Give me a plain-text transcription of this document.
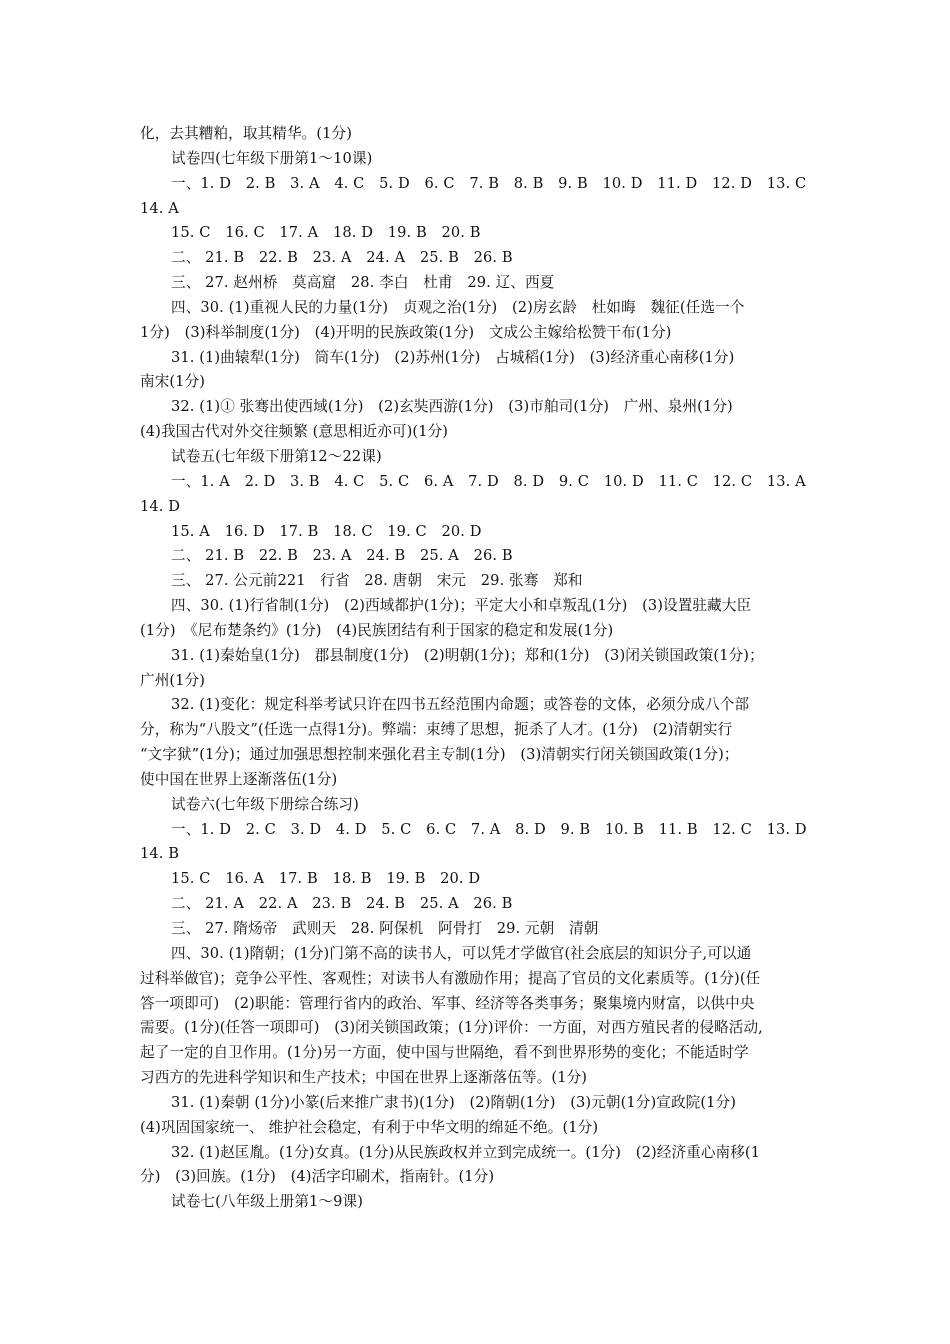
化，去其糟粕，取其精华。(1分)
试卷四(七年级下册第1～10课)
一、1. D　2. B　3. A　4. C　5. D　6. C　7. B　8. B　9. B　10. D　11. D　12. D　13. C
14. A
15. C　16. C　17. A　18. D　19. B　20. B
二、 21. B　22. B　23. A　24. A　25. B　26. B
三、 27. 赵州桥　莫高窟　28. 李白　杜甫　29. 辽、西夏
四、30. (1)重视人民的力量(1分)　贞观之治(1分)　(2)房玄龄　杜如晦　魏征(任选一个
1分)　(3)科举制度(1分)　(4)开明的民族政策(1分)　文成公主嫁给松赞干布(1分)
31. (1)曲辕犁(1分)　筒车(1分)　(2)苏州(1分)　占城稻(1分)　(3)经济重心南移(1分)
南宋(1分)
32. (1)① 张骞出使西域(1分)　(2)玄奘西游(1分)　(3)市舶司(1分)　广州、泉州(1分)
(4)我国古代对外交往频繁 (意思相近亦可)(1分)
试卷五(七年级下册第12～22课)
一、1. A　2. D　3. B　4. C　5. C　6. A　7. D　8. D　9. C　10. D　11. C　12. C　13. A
14. D
15. A　16. D　17. B　18. C　19. C　20. D
二、 21. B　22. B　23. A　24. B　25. A　26. B
三、 27. 公元前221　行省　28. 唐朝　宋元　29. 张骞　郑和
四、30. (1)行省制(1分)　(2)西域都护(1分)；平定大小和卓叛乱(1分)　(3)设置驻藏大臣
(1分)　《尼布楚条约》(1分)　(4)民族团结有利于国家的稳定和发展(1分)
31. (1)秦始皇(1分)　郡县制度(1分)　(2)明朝(1分)；郑和(1分)　(3)闭关锁国政策(1分)；
广州(1分)
32. (1)变化：规定科举考试只许在四书五经范围内命题；或答卷的文体，必须分成八个部
分，称为“八股文”(任选一点得1分)。弊端：束缚了思想，扼杀了人才。(1分)　(2)清朝实行
“文字狱”(1分)；通过加强思想控制来强化君主专制(1分)　(3)清朝实行闭关锁国政策(1分)；
使中国在世界上逐渐落伍(1分)
试卷六(七年级下册综合练习)
一、1. D　2. C　3. D　4. D　5. C　6. C　7. A　8. D　9. B　10. B　11. B　12. C　13. D
14. B
15. C　16. A　17. B　18. B　19. B　20. D
二、 21. A　22. A　23. B　24. B　25. A　26. B
三、 27. 隋炀帝　武则天　28. 阿保机　阿骨打　29. 元朝　清朝
四、30. (1)隋朝；(1分)门第不高的读书人，可以凭才学做官(社会底层的知识分子,可以通
过科举做官)；竞争公平性、客观性；对读书人有激励作用；提高了官员的文化素质等。(1分)(任
答一项即可)　(2)职能：管理行省内的政治、军事、经济等各类事务；聚集境内财富，以供中央
需要。(1分)(任答一项即可)　(3)闭关锁国政策；(1分)评价：一方面，对西方殖民者的侵略活动,
起了一定的自卫作用。(1分)另一方面，使中国与世隔绝，看不到世界形势的变化；不能适时学
习西方的先进科学知识和生产技术；中国在世界上逐渐落伍等。(1分)
31. (1)秦朝 (1分)小篆(后来推广隶书)(1分)　(2)隋朝(1分)　(3)元朝(1分)宣政院(1分)
(4)巩固国家统一、 维护社会稳定，有利于中华文明的绵延不绝。(1分)
32. (1)赵匡胤。(1分)女真。(1分)从民族政权并立到完成统一。(1分)　(2)经济重心南移(1
分)　(3)回族。(1分)　(4)活字印刷术，指南针。(1分)
试卷七(八年级上册第1～9课)
